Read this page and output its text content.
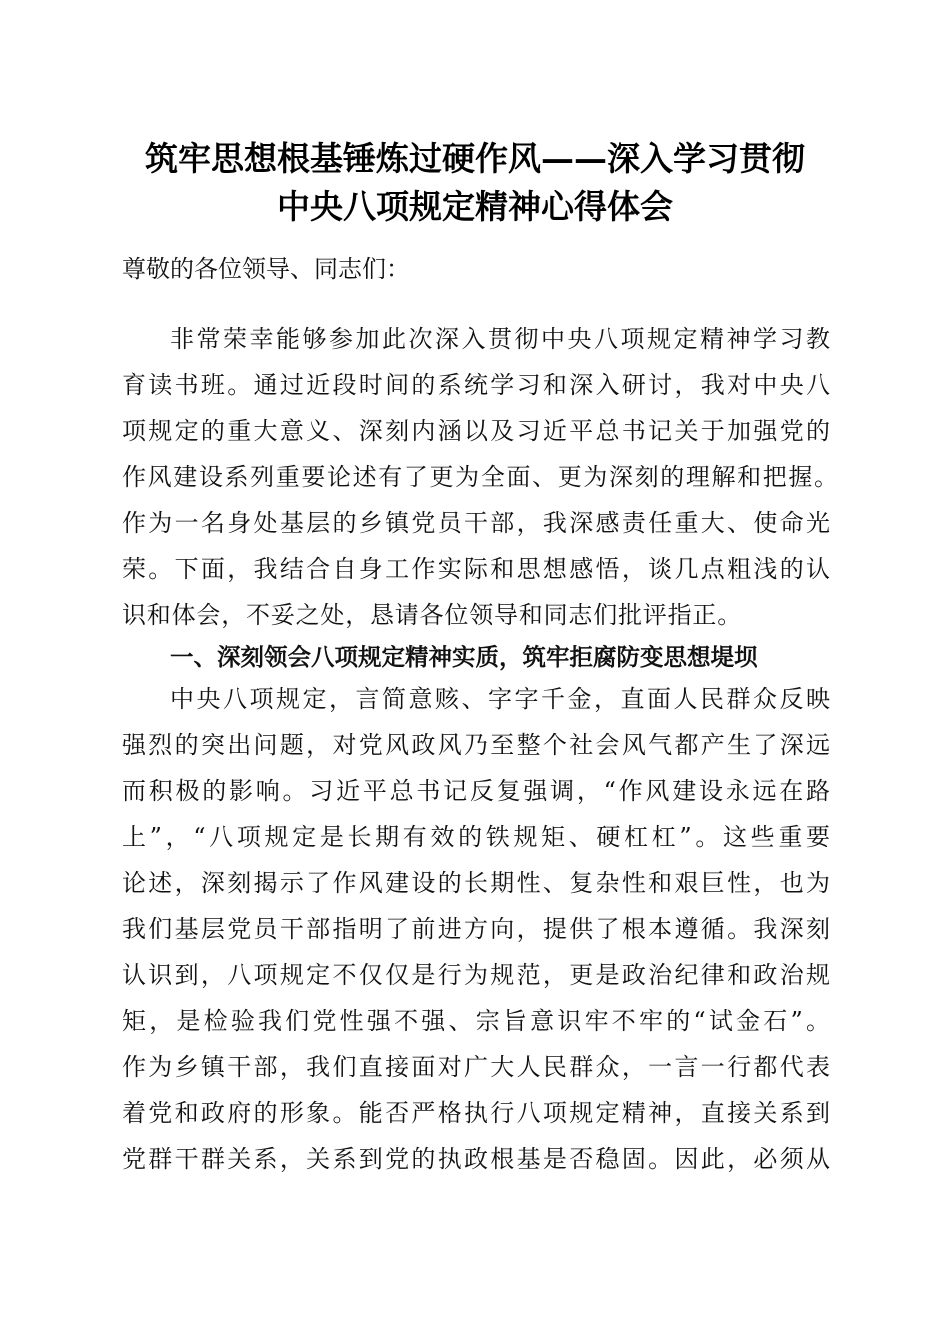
筑牢思想根基锤炼过硬作风——深入学习贯彻
中央八项规定精神心得体会
尊敬的各位领导、同志们：
非常荣幸能够参加此次深入贯彻中央八项规定精神学习教
育读书班。通过近段时间的系统学习和深入研讨，我对中央八
项规定的重大意义、深刻内涵以及习近平总书记关于加强党的
作风建设系列重要论述有了更为全面、更为深刻的理解和把握。
作为一名身处基层的乡镇党员干部，我深感责任重大、使命光
荣。下面，我结合自身工作实际和思想感悟，谈几点粗浅的认
识和体会，不妥之处，恳请各位领导和同志们批评指正。
一、深刻领会八项规定精神实质，筑牢拒腐防变思想堤坝
中央八项规定，言简意赅、字字千金，直面人民群众反映
强烈的突出问题，对党风政风乃至整个社会风气都产生了深远
而积极的影响。习近平总书记反复强调，“作风建设永远在路
上”，“八项规定是长期有效的铁规矩、硬杠杠”。这些重要
论述，深刻揭示了作风建设的长期性、复杂性和艰巨性，也为
我们基层党员干部指明了前进方向，提供了根本遵循。我深刻
认识到，八项规定不仅仅是行为规范，更是政治纪律和政治规
矩，是检验我们党性强不强、宗旨意识牢不牢的“试金石”。
作为乡镇干部，我们直接面对广大人民群众，一言一行都代表
着党和政府的形象。能否严格执行八项规定精神，直接关系到
党群干群关系，关系到党的执政根基是否稳固。因此，必须从
